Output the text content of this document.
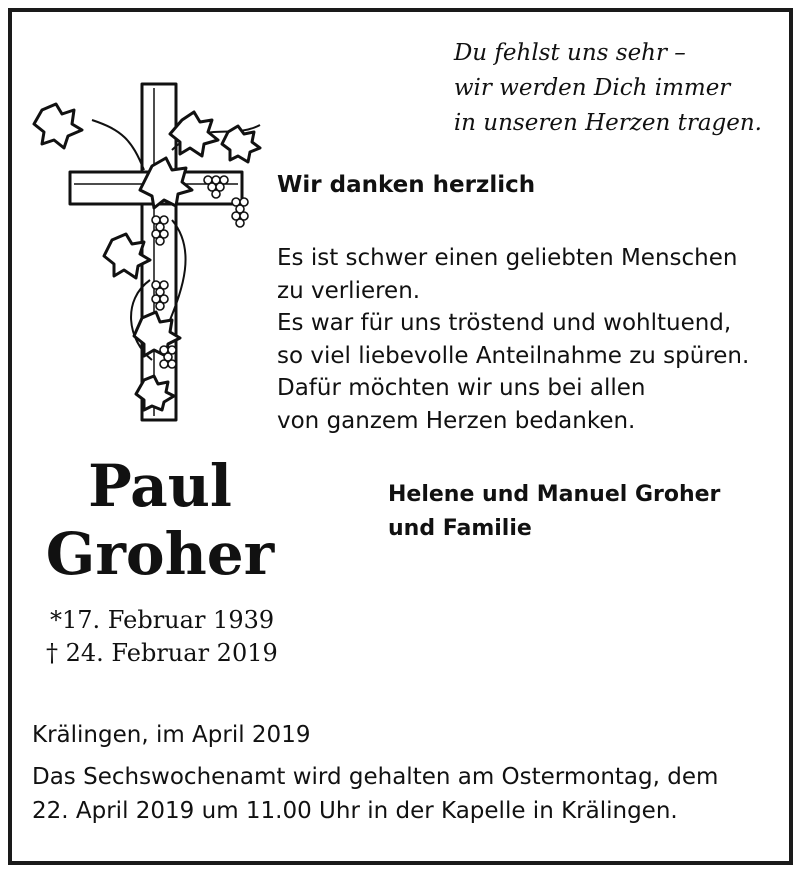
Du fehlst uns sehr –
wir werden Dich immer
in unseren Herzen tragen.
Wir danken herzlich
Es ist schwer einen geliebten Menschen
zu verlieren.
Es war für uns tröstend und wohltuend,
so viel liebevolle Anteilnahme zu spüren.
Dafür möchten wir uns bei allen
von ganzem Herzen bedanken.
Helene und Manuel Groher
und Familie
Paul
Groher
*17. Februar 1939
† 24. Februar 2019
Krälingen, im April 2019
Das Sechswochenamt wird gehalten am Ostermontag, dem
22. April 2019 um 11.00 Uhr in der Kapelle in Krälingen.
